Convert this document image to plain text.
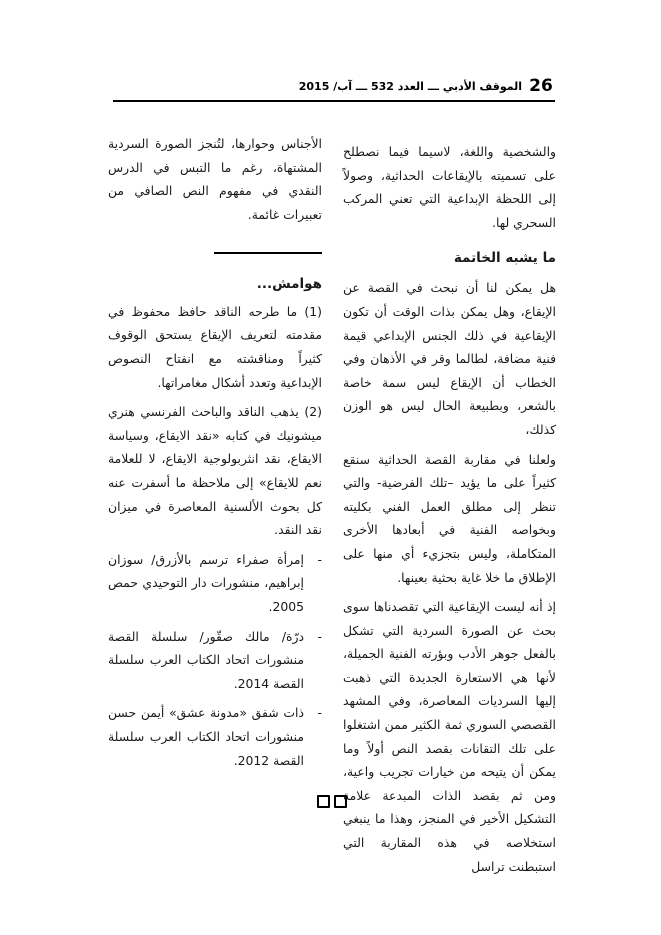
26
الموقف الأدبي ـــ العدد 532 ـــ آب/ 2015

والشخصية واللغة، لاسيما فيما نصطلح على تسميته بالإيقاعات الحداثية، وصولاً إلى اللحظة الإبداعية التي تعني المركب السحري لها.

ما يشبه الخاتمة

هل يمكن لنا أن نبحث في القصة عن الإيقاع، وهل يمكن بذات الوقت أن تكون الإيقاعية في ذلك الجنس الإبداعي قيمة فنية مضافة، لطالما وقر في الأذهان وفي الخطاب أن الإيقاع ليس سمة خاصة بالشعر، وبطبيعة الحال ليس هو الوزن كذلك،

ولعلنا في مقاربة القصة الحداثية سنقع كثيراً على ما يؤيد –تلك الفرضية- والتي تنظر إلى مطلق العمل الفني بكليته وبخواصه الفنية في أبعادها الأخرى المتكاملة، وليس بتجزيء أي منها على الإطلاق ما خلا غاية بحثية بعينها.

إذ أنه ليست الإيقاعية التي تقصدناها سوى بحث عن الصورة السردية التي تشكل بالفعل جوهر الأدب وبؤرته الفنية الجميلة، لأنها هي الاستعارة الجديدة التي ذهبت إليها السرديات المعاصرة، وفي المشهد القصصي السوري ثمة الكثير ممن اشتغلوا على تلك التقانات بقصد النص أولاً وما يمكن أن يتيحه من خيارات تجريب واعية، ومن ثم بقصد الذات المبدعة علامة التشكيل الأخير في المنجز، وهذا ما ينبغي استخلاصه في هذه المقاربة التي استبطنت تراسل

الأجناس وحوارها، لتُنجز الصورة السردية المشتهاة، رغم ما التبس في الدرس النقدي في مفهوم النص الصافي من تعبيرات غائمة.

هوامش...

(1) ما طرحه الناقد حافظ محفوظ في مقدمته لتعريف الإيقاع يستحق الوقوف كثيراً ومناقشته مع انفتاح النصوص الإبداعية وتعدد أشكال مغامراتها.

(2) يذهب الناقد والباحث الفرنسي هنري ميشونيك في كتابه «نقد الايقاع، وسياسة الايقاع، نقد انثربولوجية الايقاع، لا للعلامة نعم للايقاع» إلى ملاحظة ما أسفرت عنه كل بحوث الألسنية المعاصرة في ميزان نقد النقد.

-
إمرأة صفراء ترسم بالأزرق/ سوزان إبراهيم، منشورات دار التوحيدي حمص 2005.
-
درّة/ مالك صقّور/ سلسلة القصة منشورات اتحاد الكتاب العرب سلسلة القصة 2014.
-
ذات شفق «مدونة عشق» أيمن حسن منشورات اتحاد الكتاب العرب سلسلة القصة 2012.
